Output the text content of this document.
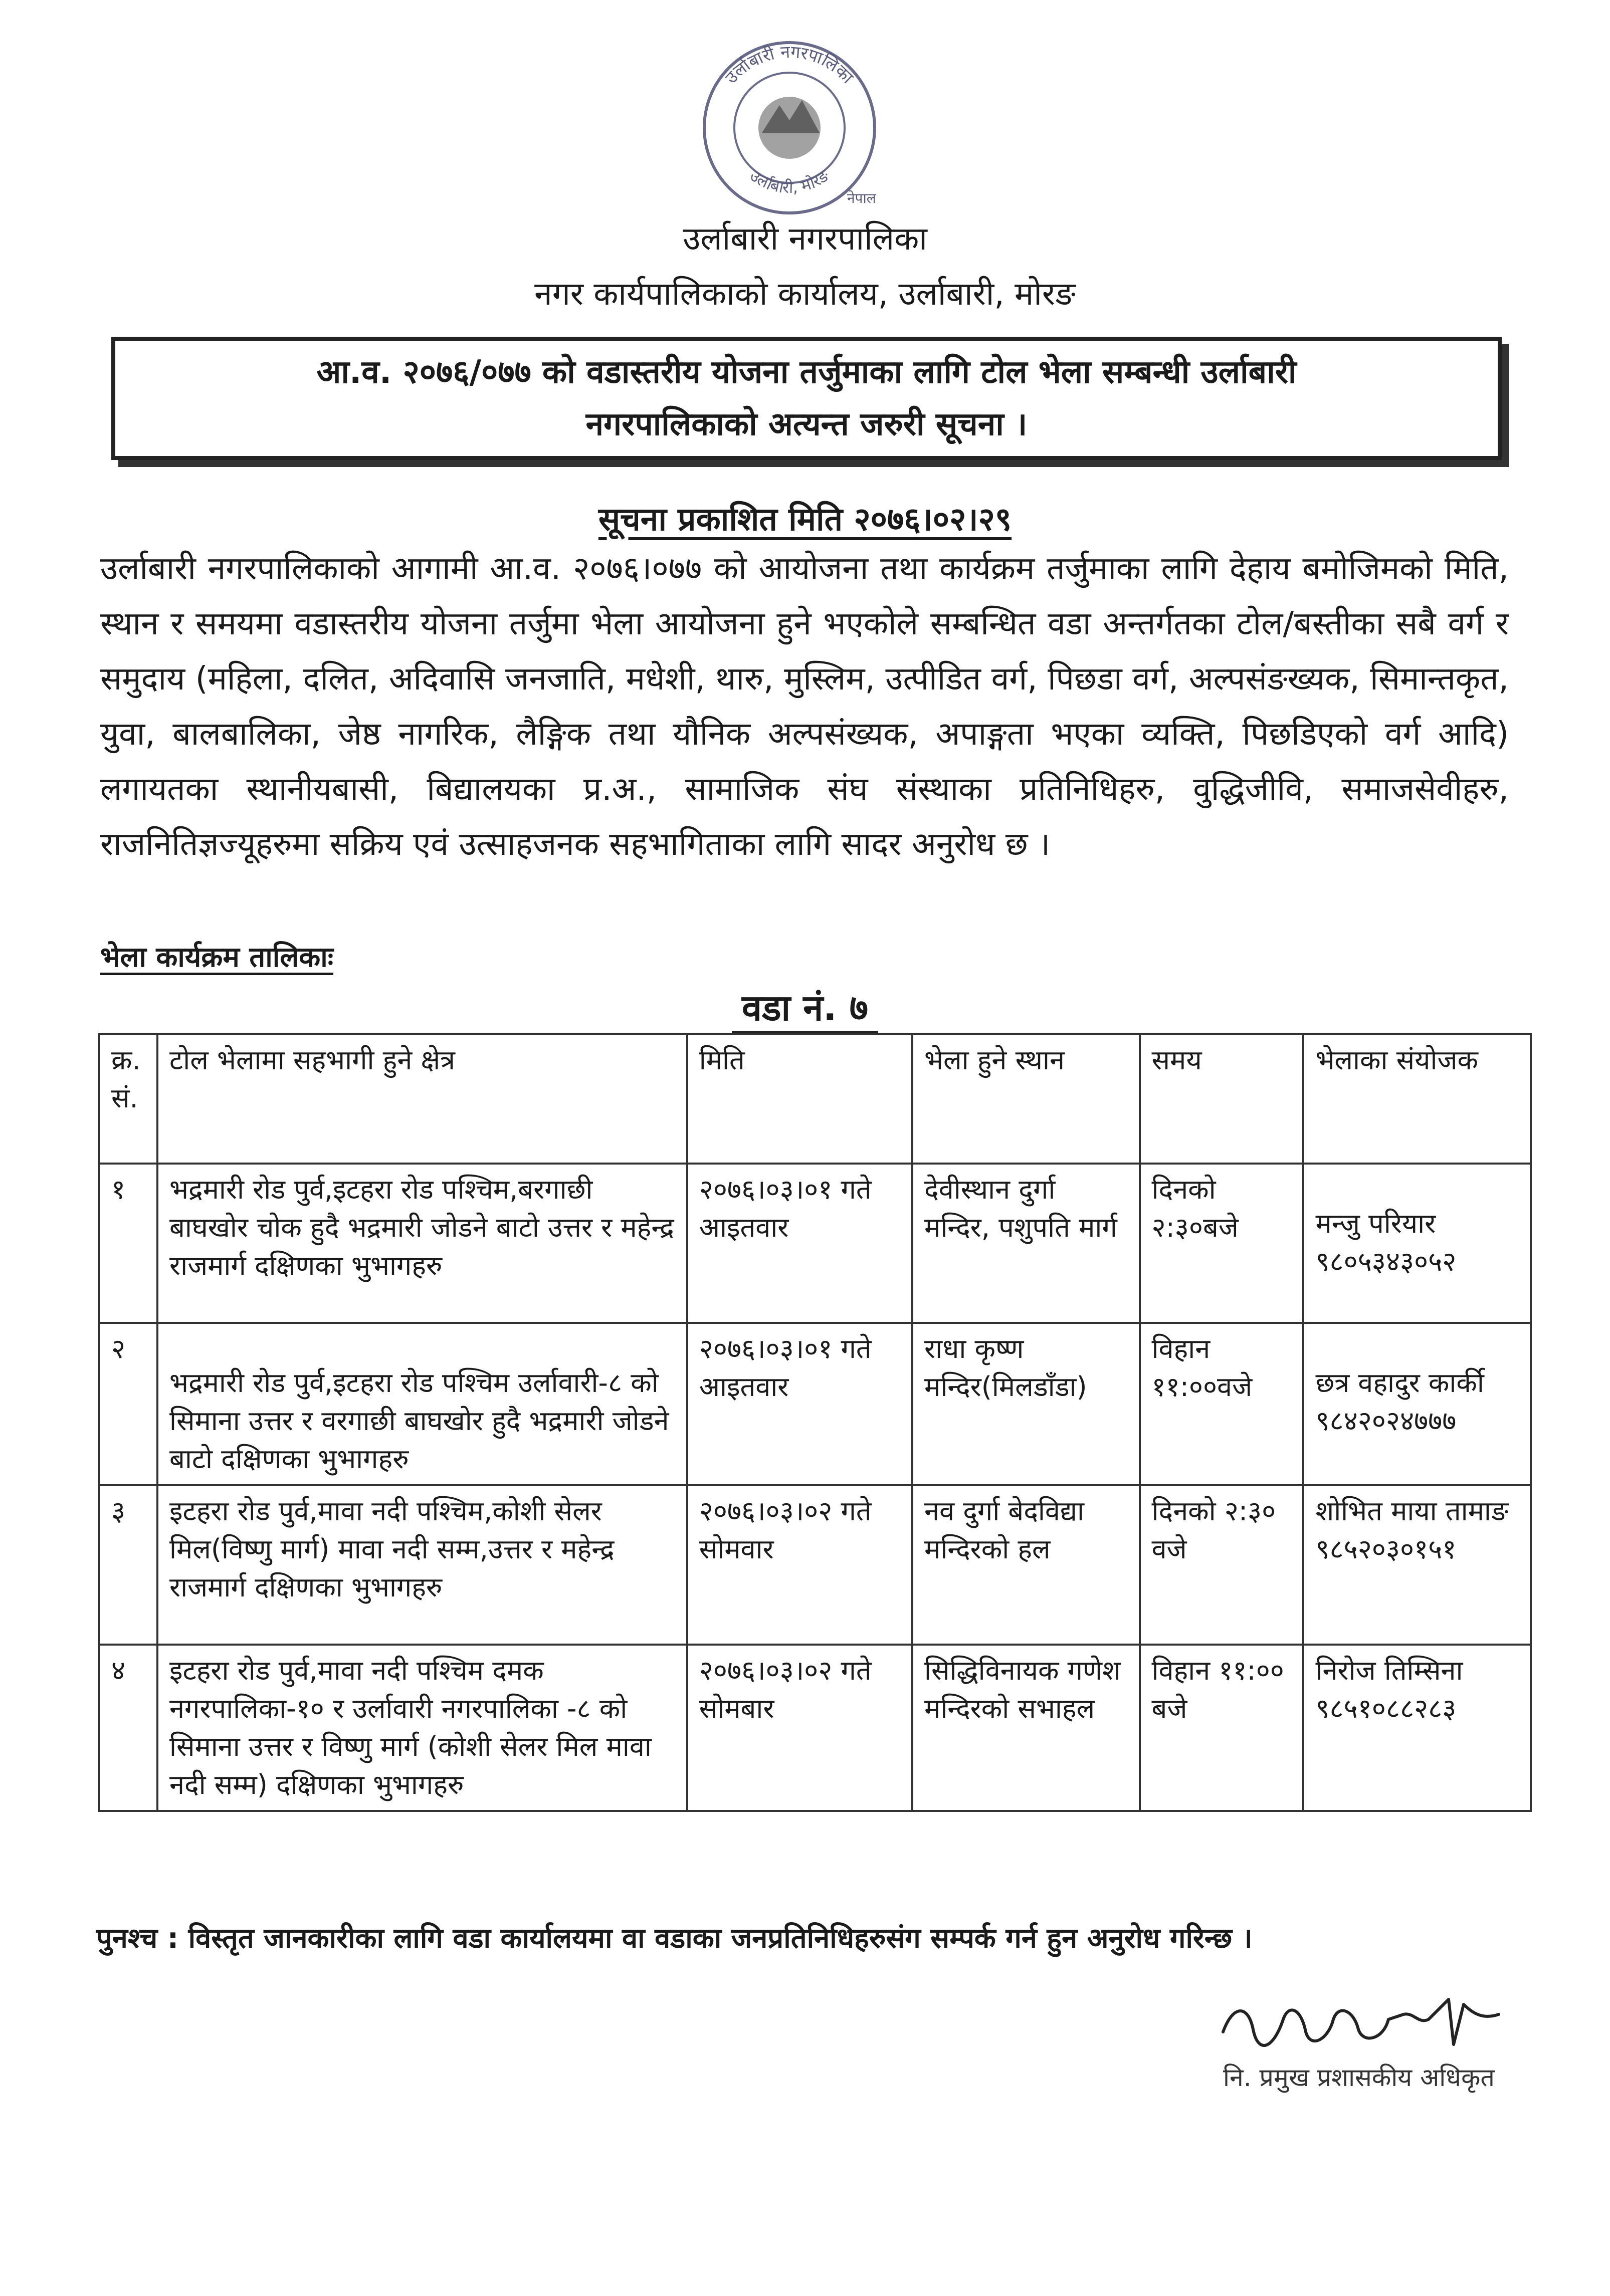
उर्लाबारी नगरपालिका
उर्लाबारी, मोरङ
नेपाल
उर्लाबारी नगरपालिका
नगर कार्यपालिकाको कार्यालय, उर्लाबारी, मोरङ
आ.व. २०७६/०७७ को वडास्तरीय योजना तर्जुमाका लागि टोल भेला सम्बन्धी उर्लाबारी
नगरपालिकाको अत्यन्त जरुरी सूचना ।
सूचना प्रकाशित मिति २०७६।०२।२९
उर्लाबारी नगरपालिकाको आगामी आ.व. २०७६।०७७ को आयोजना तथा कार्यक्रम तर्जुमाका लागि देहाय बमोजिमको मिति, स्थान र समयमा वडास्तरीय योजना तर्जुमा भेला आयोजना हुने भएकोले सम्बन्धित वडा अन्तर्गतका टोल/बस्तीका सबै वर्ग र समुदाय (महिला, दलित, अदिवासि जनजाति, मधेशी, थारु, मुस्लिम, उत्पीडित वर्ग, पिछडा वर्ग, अल्पसंङख्यक, सिमान्तकृत, युवा, बालबालिका, जेष्ठ नागरिक, लैङ्गिक तथा यौनिक अल्पसंख्यक, अपाङ्गता भएका व्यक्ति, पिछडिएको वर्ग आदि) लगायतका स्थानीयबासी, बिद्यालयका प्र.अ., सामाजिक संघ संस्थाका प्रतिनिधिहरु, वुद्धिजीवि, समाजसेवीहरु, राजनितिज्ञज्यूहरुमा सक्रिय एवं उत्साहजनक सहभागिताका लागि सादर अनुरोध छ ।
भेला कार्यक्रम तालिकाः
वडा नं. ७
क्र. सं.	टोल भेलामा सहभागी हुने क्षेत्र	मिति	भेला हुने स्थान	समय	भेलाका संयोजक
१	भद्रमारी रोड पुर्व,इटहरा रोड पश्चिम,बरगाछी बाघखोर चोक हुदै भद्रमारी जोडने बाटो उत्तर र महेन्द्र राजमार्ग दक्षिणका भुभागहरु	२०७६।०३।०१ गते आइतवार	देवीस्थान दुर्गा मन्दिर, पशुपति मार्ग	दिनको २:३०बजे	मन्जु परियार
९८०५३४३०५२

२	भद्रमारी रोड पुर्व,इटहरा रोड पश्चिम उर्लावारी-८ को सिमाना उत्तर र वरगाछी बाघखोर हुदै भद्रमारी जोडने बाटो दक्षिणका भुभागहरु	२०७६।०३।०१ गते आइतवार	राधा कृष्ण मन्दिर(मिलडाँडा)	विहान ११:००वजे	छत्र वहादुर कार्की
९८४२०२४७७७

३	इटहरा रोड पुर्व,मावा नदी पश्चिम,कोशी सेलर मिल(विष्णु मार्ग) मावा नदी सम्म,उत्तर र महेन्द्र राजमार्ग दक्षिणका भुभागहरु	२०७६।०३।०२ गते सोमवार	नव दुर्गा बेदविद्या मन्दिरको हल	दिनको २:३० वजे	शोभित माया तामाङ
९८५२०३०१५१

४	इटहरा रोड पुर्व,मावा नदी पश्चिम दमक नगरपालिका-१० र उर्लावारी नगरपालिका -८ को सिमाना उत्तर र विष्णु मार्ग (कोशी सेलर मिल मावा नदी सम्म) दक्षिणका भुभागहरु	२०७६।०३।०२ गते सोमबार	सिद्धिविनायक गणेश मन्दिरको सभाहल	विहान ११:०० बजे	निरोज तिम्सिना
९८५१०८८२८३
पुनश्च : विस्तृत जानकारीका लागि वडा कार्यालयमा वा वडाका जनप्रतिनिधिहरुसंग सम्पर्क गर्न हुन अनुरोध गरिन्छ ।
नि. प्रमुख प्रशासकीय अधिकृत
